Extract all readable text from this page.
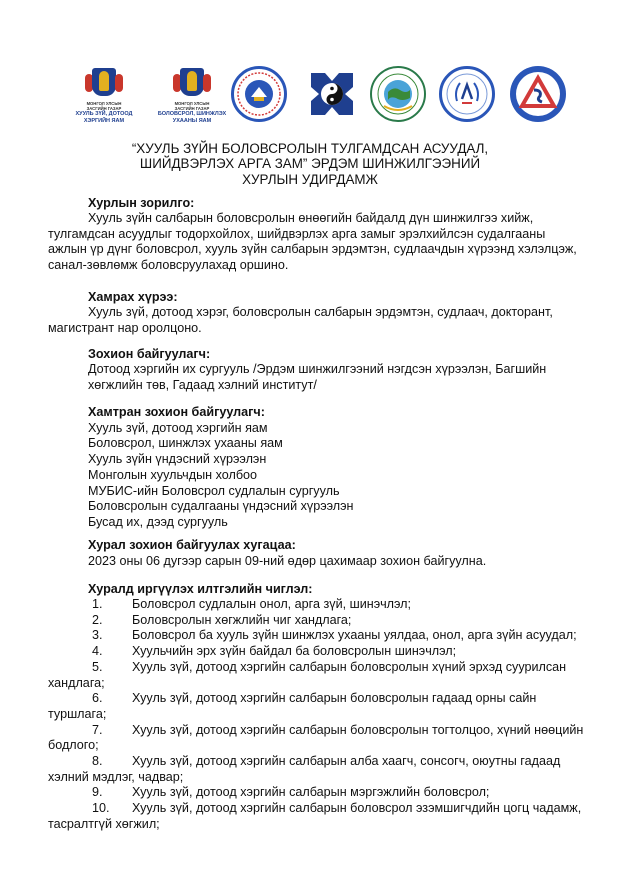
МОНГОЛ УЛСЫН
ЗАСГИЙН ГАЗАР
ХУУЛЬ ЗҮЙ, ДОТООД
ХЭРГИЙН ЯАМ
МОНГОЛ УЛСЫН
ЗАСГИЙН ГАЗАР
БОЛОВСРОЛ, ШИНЖЛЭХ
УХААНЫ ЯАМ
“ХУУЛЬ ЗҮЙН БОЛОВСРОЛЫН ТУЛГАМДСАН АСУУДАЛ,
ШИЙДВЭРЛЭХ АРГА ЗАМ” ЭРДЭМ ШИНЖИЛГЭЭНИЙ
ХУРЛЫН УДИРДАМЖ
Хурлын зорилго:
Хууль зүйн салбарын боловсролын өнөөгийн байдалд дүн шинжилгээ хийж,
тулгамдсан асуудлыг тодорхойлох, шийдвэрлэх арга замыг эрэлхийлсэн судалгааны
ажлын үр дүнг боловсрол, хууль зүйн салбарын эрдэмтэн, судлаачдын хүрээнд хэлэлцэж,
санал-зөвлөмж боловсруулахад оршино.
Хамрах хүрээ:
Хууль зүй, дотоод хэрэг, боловсролын салбарын эрдэмтэн, судлаач, докторант,
магистрант нар оролцоно.
Зохион байгуулагч:
Дотоод хэргийн их сургууль /Эрдэм шинжилгээний нэгдсэн хүрээлэн, Багшийн
хөгжлийн төв, Гадаад хэлний институт/
Хамтран зохион байгуулагч:
Хууль зүй, дотоод хэргийн яам
Боловсрол, шинжлэх ухааны яам
Хууль зүйн үндэсний хүрээлэн
Монголын хуульчдын холбоо
МУБИС-ийн Боловсрол судлалын сургууль
Боловсролын судалгааны үндэсний хүрээлэн
Бусад их, дээд сургууль
Хурал зохион байгуулах хугацаа:
2023 оны 06 дугээр сарын 09-ний өдөр цахимаар зохион байгуулна.
Хуралд иргүүлэх илтгэлийн чиглэл:
1. Боловсрол судлалын онол, арга зүй, шинэчлэл;
2. Боловсролын хөгжлийн чиг хандлага;
3. Боловсрол ба хууль зүйн шинжлэх ухааны уялдаа, онол, арга зүйн асуудал;
4. Хуульчийн эрх зүйн байдал ба боловсролын шинэчлэл;
5. Хууль зүй, дотоод хэргийн салбарын боловсролын хүний эрхэд суурилсан
хандлага;
6. Хууль зүй, дотоод хэргийн салбарын боловсролын гадаад орны сайн
туршлага;
7. Хууль зүй, дотоод хэргийн салбарын боловсролын тогтолцоо, хүний нөөцийн
бодлого;
8. Хууль зүй, дотоод хэргийн салбарын алба хаагч, сонсогч, оюутны гадаад
хэлний мэдлэг, чадвар;
9. Хууль зүй, дотоод хэргийн салбарын мэргэжлийн боловсрол;
10. Хууль зүй, дотоод хэргийн салбарын боловсрол эзэмшигчдийн цогц чадамж,
тасралтгүй хөгжил;
